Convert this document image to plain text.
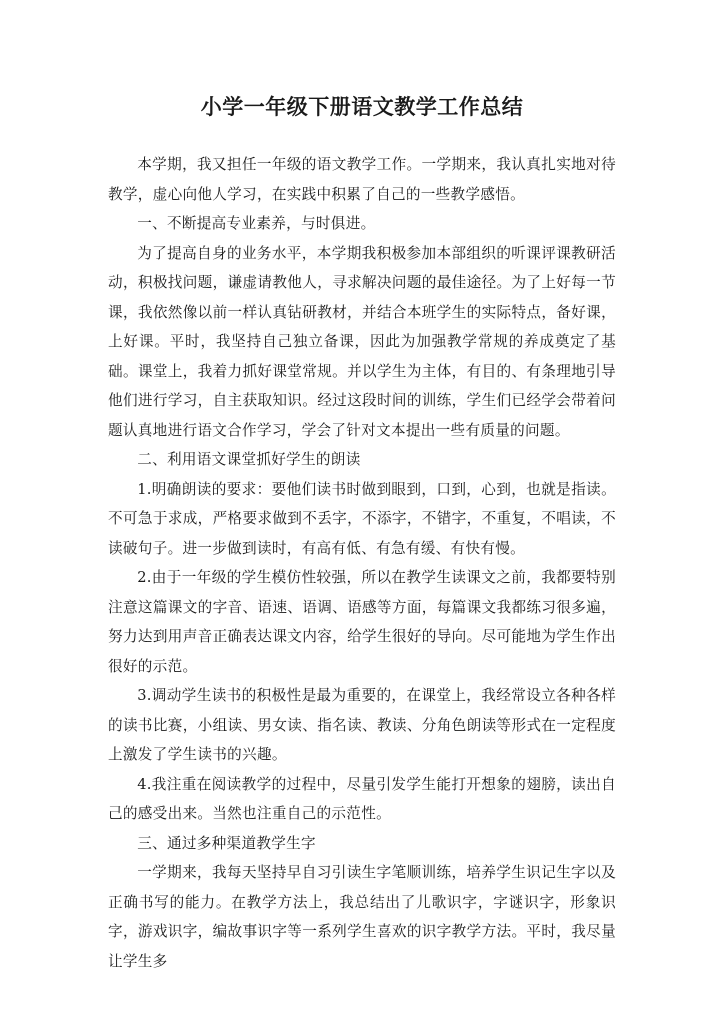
小学一年级下册语文教学工作总结

本学期，我又担任一年级的语文教学工作。一学期来，我认真扎实地对待教学，虚心向他人学习，在实践中积累了自己的一些教学感悟。

一、不断提高专业素养，与时俱进。

为了提高自身的业务水平，本学期我积极参加本部组织的听课评课教研活动，积极找问题，谦虚请教他人，寻求解决问题的最佳途径。为了上好每一节课，我依然像以前一样认真钻研教材，并结合本班学生的实际特点，备好课，上好课。平时，我坚持自己独立备课，因此为加强教学常规的养成奠定了基础。课堂上，我着力抓好课堂常规。并以学生为主体，有目的、有条理地引导他们进行学习，自主获取知识。经过这段时间的训练，学生们已经学会带着问题认真地进行语文合作学习，学会了针对文本提出一些有质量的问题。

二、利用语文课堂抓好学生的朗读

1.明确朗读的要求：要他们读书时做到眼到，口到，心到，也就是指读。不可急于求成，严格要求做到不丢字，不添字，不错字，不重复，不唱读，不读破句子。进一步做到读时，有高有低、有急有缓、有快有慢。

2.由于一年级的学生模仿性较强，所以在教学生读课文之前，我都要特别注意这篇课文的字音、语速、语调、语感等方面，每篇课文我都练习很多遍，努力达到用声音正确表达课文内容，给学生很好的导向。尽可能地为学生作出很好的示范。

3.调动学生读书的积极性是最为重要的，在课堂上，我经常设立各种各样的读书比赛，小组读、男女读、指名读、教读、分角色朗读等形式在一定程度上激发了学生读书的兴趣。

4.我注重在阅读教学的过程中，尽量引发学生能打开想象的翅膀，读出自己的感受出来。当然也注重自己的示范性。

三、通过多种渠道教学生字

一学期来，我每天坚持早自习引读生字笔顺训练，培养学生识记生字以及正确书写的能力。在教学方法上，我总结出了儿歌识字，字谜识字，形象识字，游戏识字，编故事识字等一系列学生喜欢的识字教学方法。平时，我尽量让学生多
